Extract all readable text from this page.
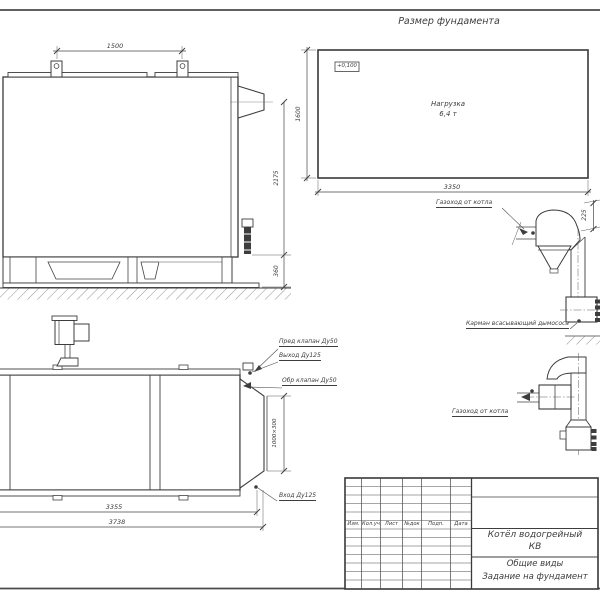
Размер фундамента
+0,100
Нагрузка
6,4 т
3350
1600
1500
2175
360
Газоход от котла
Карман всасывающий дымососа
225
Пред клапан Ду50
Выход Ду125
Обр клапан Ду50
Вход Ду125
1000×300
3355
3738
Газоход от котла
Изм. Кол.уч Лист	№док	Подп.	Дата
Котёл водогрейный
КВ
Общие виды
Задание на фундамент
